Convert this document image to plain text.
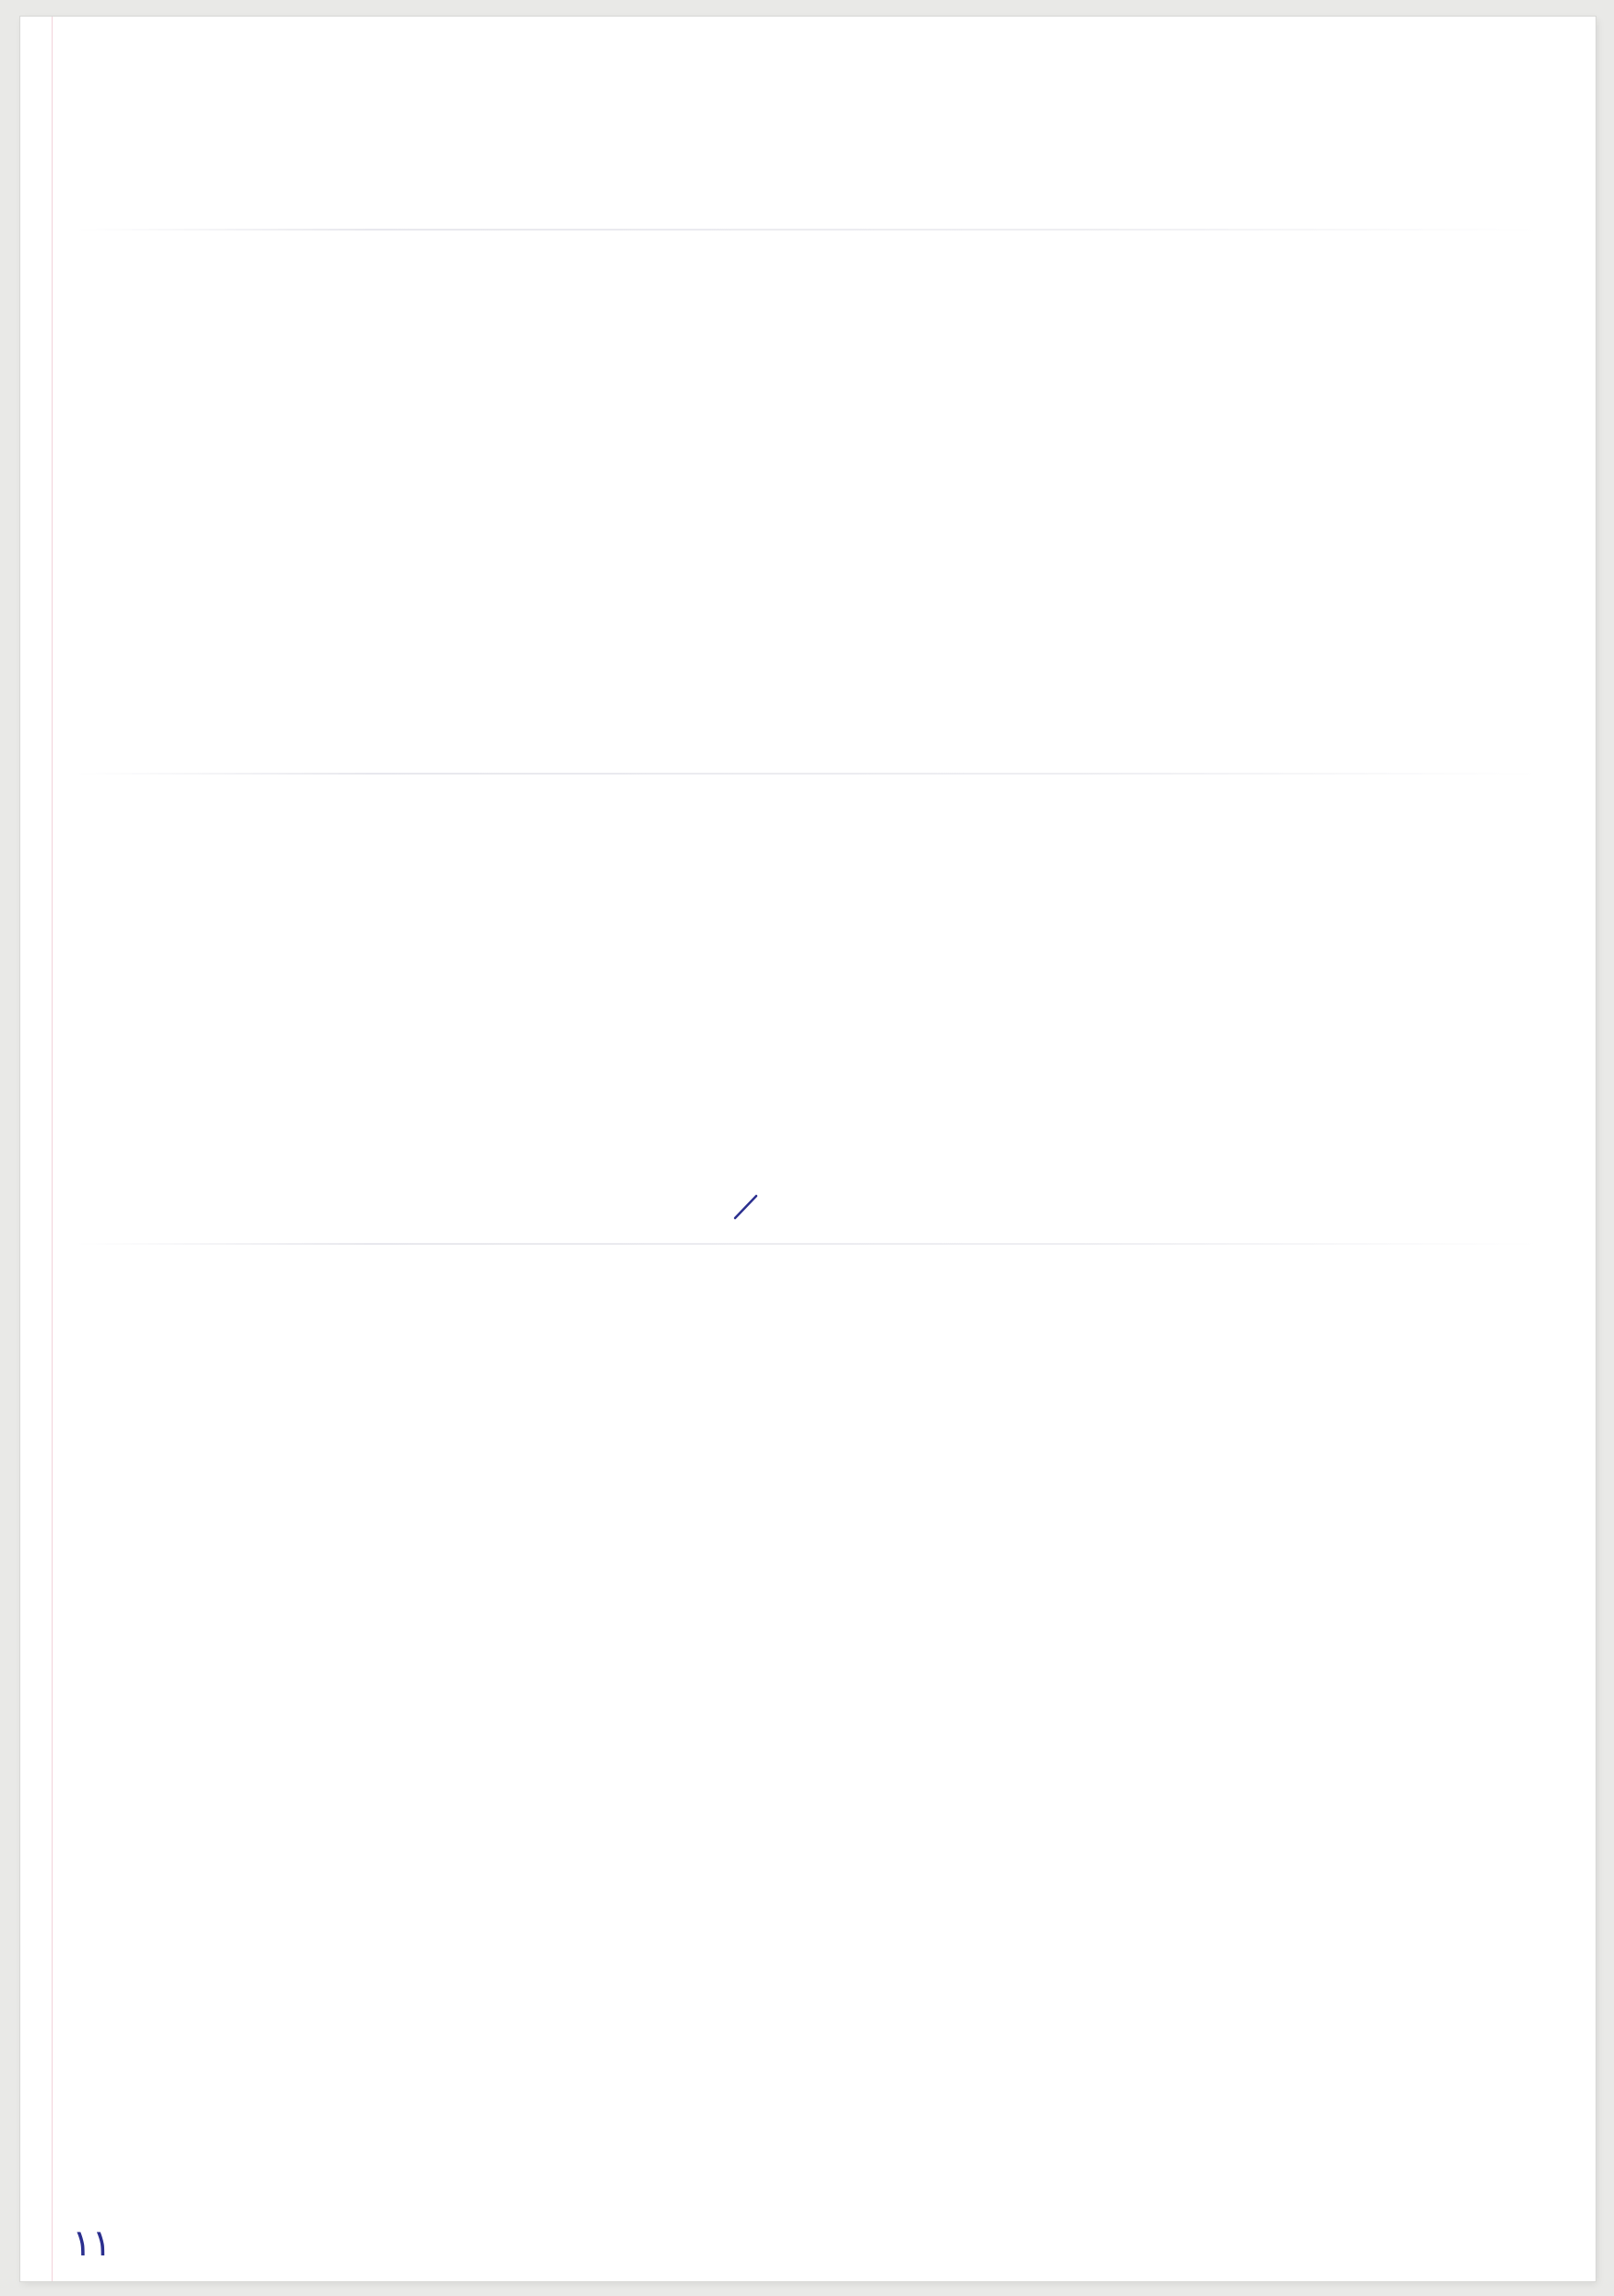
١١
